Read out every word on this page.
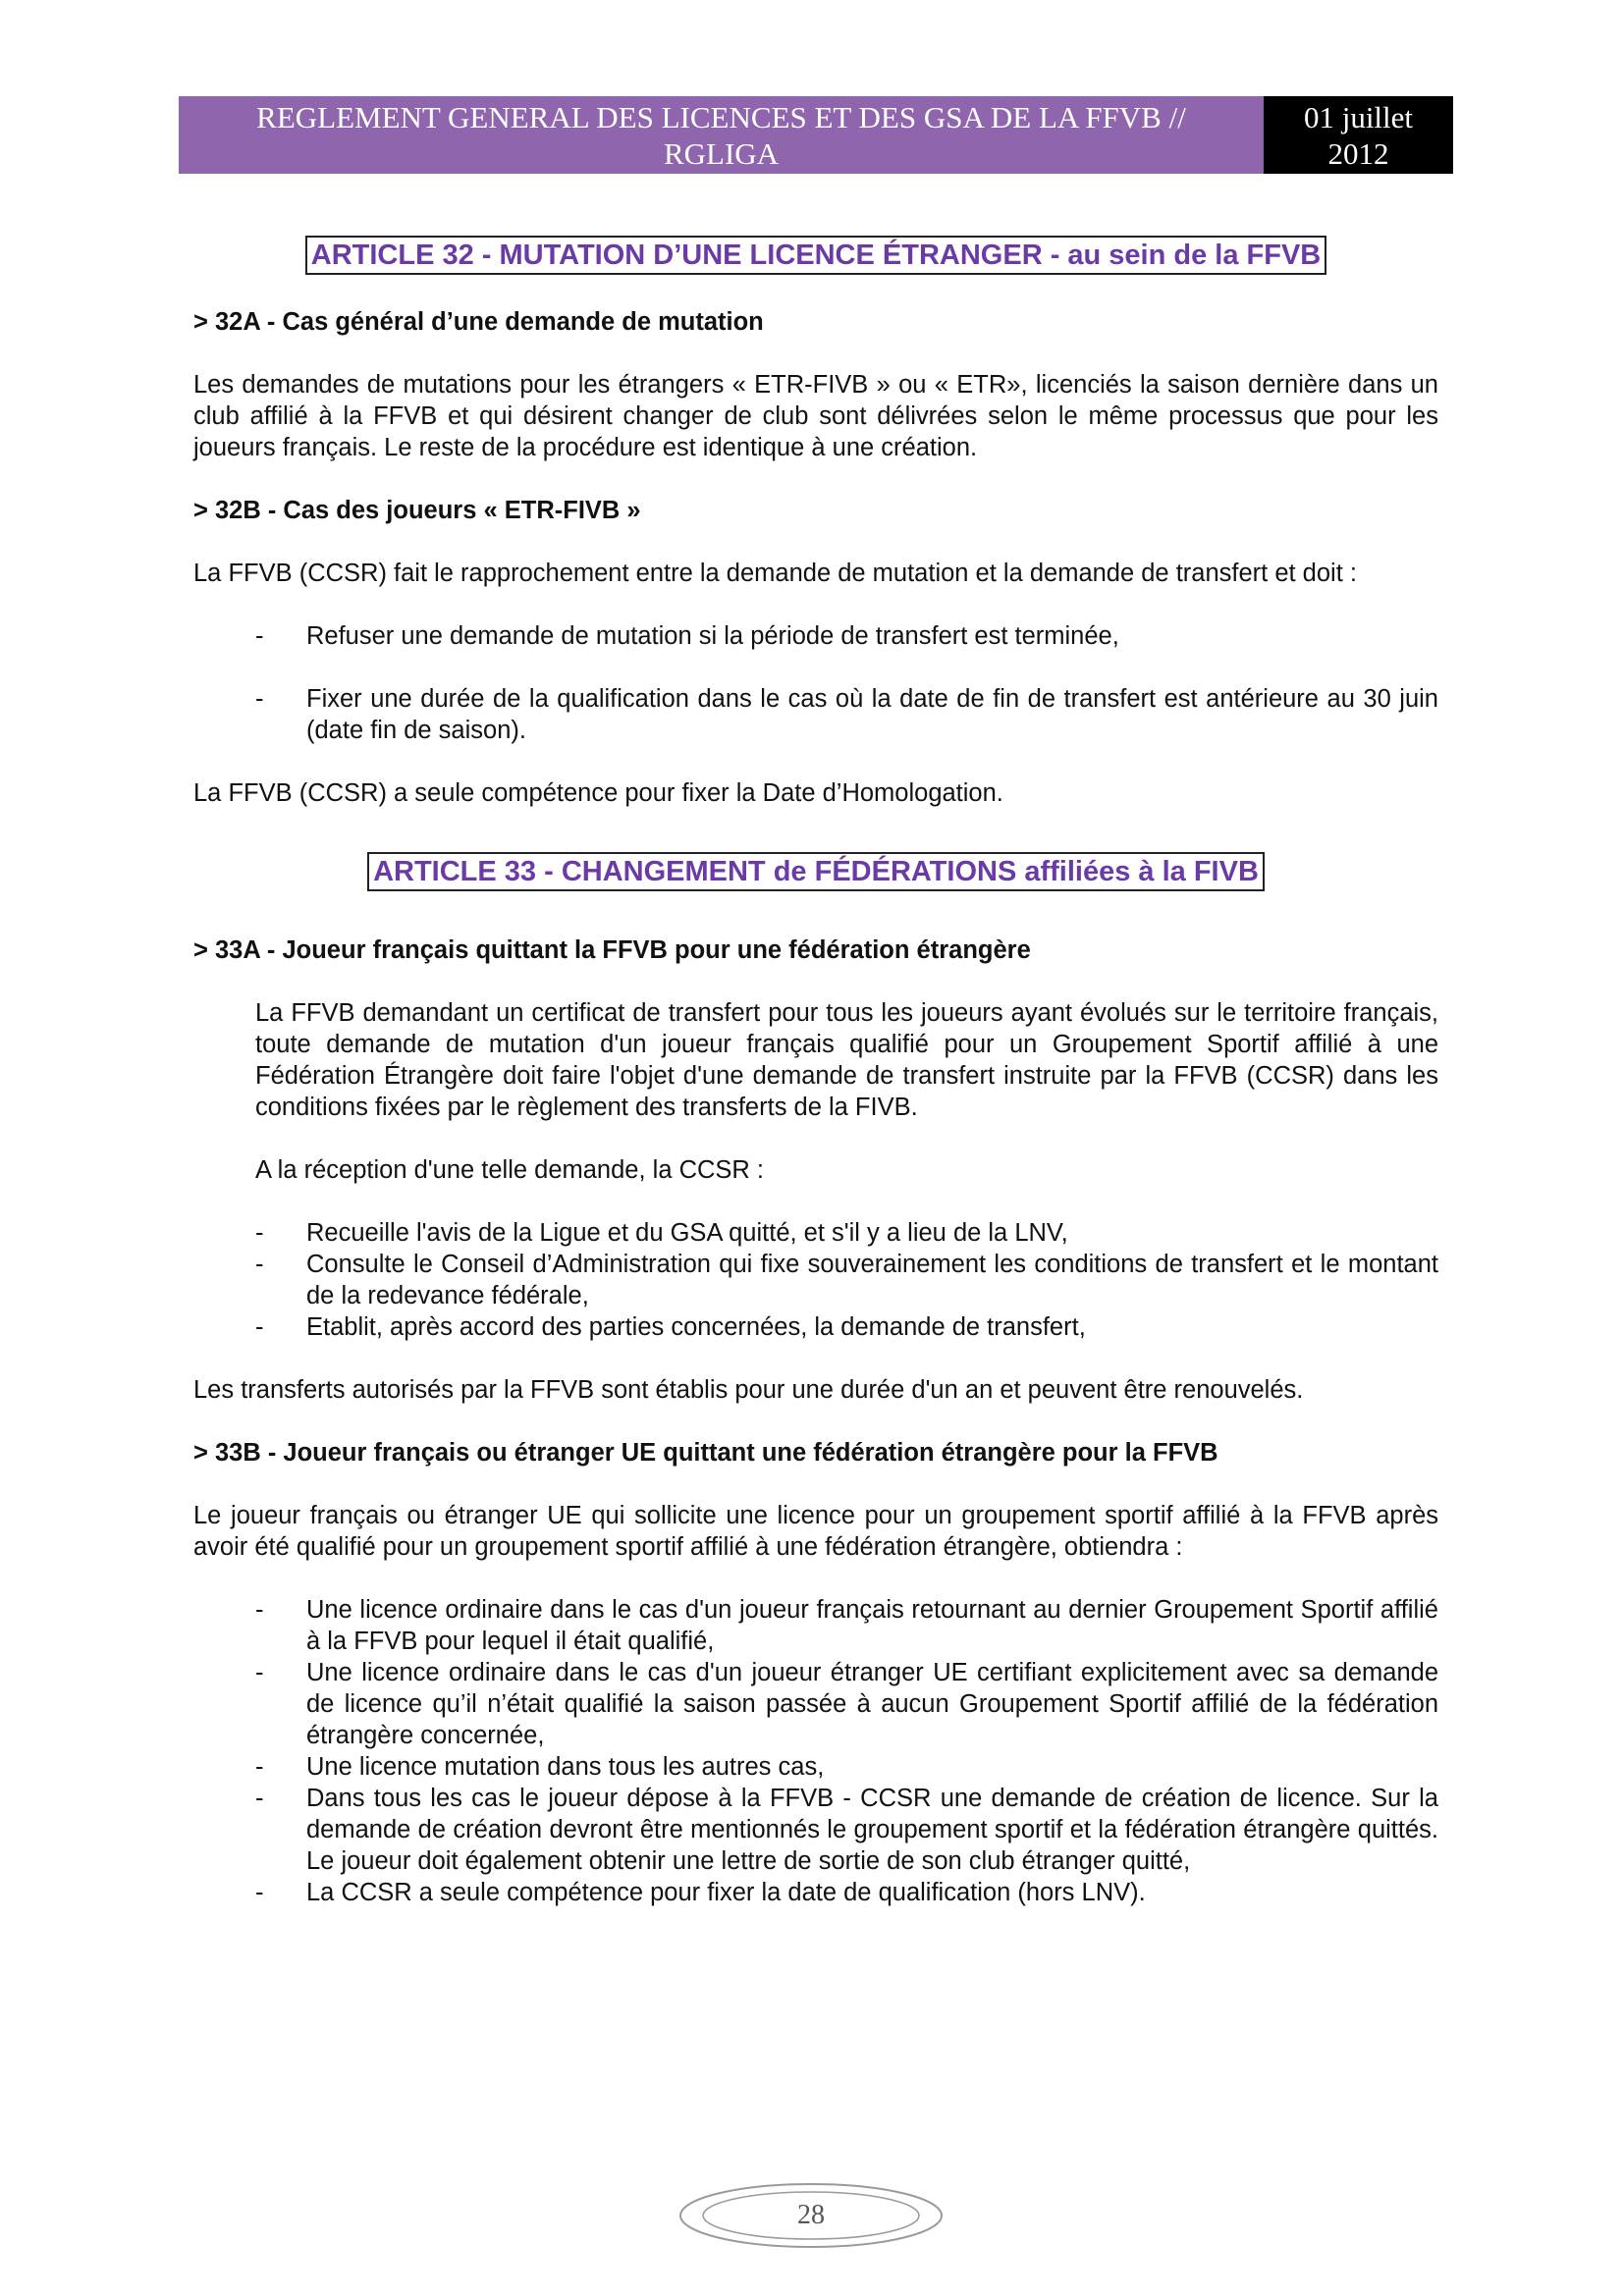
REGLEMENT GENERAL DES LICENCES ET DES GSA DE LA FFVB // RGLIGA
01 juillet 2012
ARTICLE 32 - MUTATION D’UNE LICENCE ÉTRANGER - au sein de la FFVB

> 32A - Cas général d’une demande de mutation

Les demandes de mutations pour les étrangers « ETR-FIVB » ou « ETR», licenciés la saison dernière dans un club affilié à la FFVB et qui désirent changer de club sont délivrées selon le même processus que pour les joueurs français. Le reste de la procédure est identique à une création.

> 32B - Cas des joueurs « ETR-FIVB »

La FFVB (CCSR) fait le rapprochement entre la demande de mutation et la demande de transfert et doit :

- Refuser une demande de mutation si la période de transfert est terminée,
- Fixer une durée de la qualification dans le cas où la date de fin de transfert est antérieure au 30 juin (date fin de saison).

La FFVB (CCSR) a seule compétence pour fixer la Date d’Homologation.

ARTICLE 33 - CHANGEMENT de FÉDÉRATIONS affiliées à la FIVB

> 33A - Joueur français quittant la FFVB pour une fédération étrangère

La FFVB demandant un certificat de transfert pour tous les joueurs ayant évolués sur le territoire français, toute demande de mutation d'un joueur français qualifié pour un Groupement Sportif affilié à une Fédération Étrangère doit faire l'objet d'une demande de transfert instruite par la FFVB (CCSR) dans les conditions fixées par le règlement des transferts de la FIVB.

A la réception d'une telle demande, la CCSR :

- Recueille l'avis de la Ligue et du GSA quitté, et s'il y a lieu de la LNV,
- Consulte le Conseil d’Administration qui fixe souverainement les conditions de transfert et le montant de la redevance fédérale,
- Etablit, après accord des parties concernées, la demande de transfert,

Les transferts autorisés par la FFVB sont établis pour une durée d'un an et peuvent être renouvelés.

> 33B - Joueur français ou étranger UE quittant une fédération étrangère pour la FFVB

Le joueur français ou étranger UE qui sollicite une licence pour un groupement sportif affilié à la FFVB après avoir été qualifié pour un groupement sportif affilié à une fédération étrangère, obtiendra :

- Une licence ordinaire dans le cas d'un joueur français retournant au dernier Groupement Sportif affilié à la FFVB pour lequel il était qualifié,
- Une licence ordinaire dans le cas d'un joueur étranger UE certifiant explicitement avec sa demande de licence qu’il n’était qualifié la saison passée à aucun Groupement Sportif affilié de la fédération étrangère concernée,
- Une licence mutation dans tous les autres cas,
- Dans tous les cas le joueur dépose à la FFVB - CCSR une demande de création de licence. Sur la demande de création devront être mentionnés le groupement sportif et la fédération étrangère quittés. Le joueur doit également obtenir une lettre de sortie de son club étranger quitté,
- La CCSR a seule compétence pour fixer la date de qualification (hors LNV).
28
